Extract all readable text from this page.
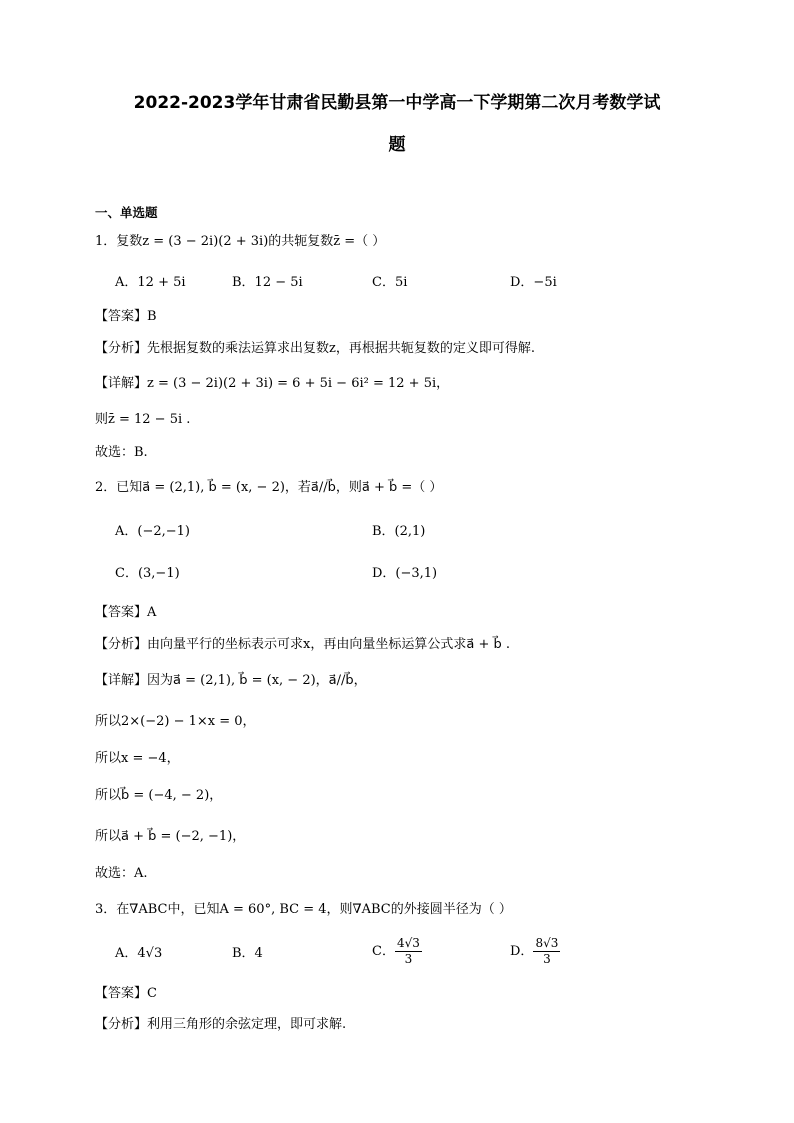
2022-2023学年甘肃省民勤县第一中学高一下学期第二次月考数学试
题
一、单选题
1．复数z = (3 − 2i)(2 + 3i)的共轭复数z̄ =（ ）
A．12 + 5i	B．12 − 5i	C．5i	D．−5i
【答案】B
【分析】先根据复数的乘法运算求出复数z，再根据共轭复数的定义即可得解.
【详解】z = (3 − 2i)(2 + 3i) = 6 + 5i − 6i² = 12 + 5i，
则z̄ = 12 − 5i .
故选：B.
2．已知a⃗ = (2,1), b⃗ = (x, − 2)，若a⃗//b⃗，则a⃗ + b⃗ =（ ）
A．(−2,−1)	B．(2,1)
C．(3,−1)	D．(−3,1)
【答案】A
【分析】由向量平行的坐标表示可求x，再由向量坐标运算公式求a⃗ + b⃗ .
【详解】因为a⃗ = (2,1), b⃗ = (x, − 2)，a⃗//b⃗，
所以2×(−2) − 1×x = 0，
所以x = −4，
所以b⃗ = (−4, − 2)，
所以a⃗ + b⃗ = (−2, −1)，
故选：A.
3．在∇ABC中，已知A = 60°, BC = 4，则∇ABC的外接圆半径为（ ）
A．4√3	B．4	C． $\frac{4√3}{3}$	D． $\frac{8√3}{3}$
【答案】C
【分析】利用三角形的余弦定理，即可求解.
